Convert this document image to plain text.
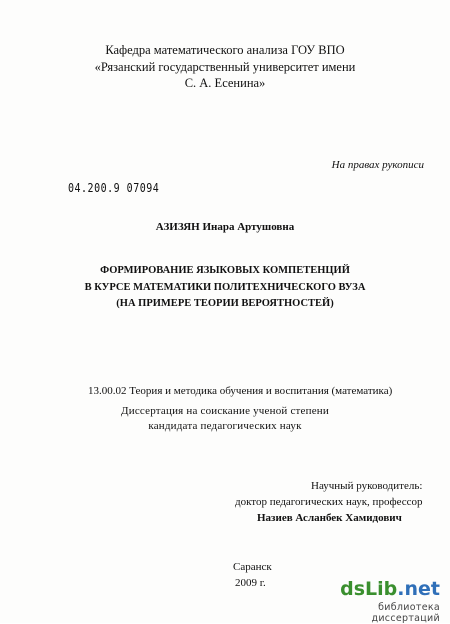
Кафедра математического анализа ГОУ ВПО
«Рязанский государственный университет имени
С. А. Есенина»
На правах рукописи
04.200.9 07094
АЗИЗЯН Инара Артушовна
ФОРМИРОВАНИЕ ЯЗЫКОВЫХ КОМПЕТЕНЦИЙ
В КУРСЕ МАТЕМАТИКИ ПОЛИТЕХНИЧЕСКОГО ВУЗА
(НА ПРИМЕРЕ ТЕОРИИ ВЕРОЯТНОСТЕЙ)
13.00.02 Теория и методика обучения и воспитания (математика)
Диссертация на соискание ученой степени
кандидата педагогических наук
Научный руководитель:
доктор педагогических наук, профессор
Назиев Асланбек Хамидович
Саранск
2009 г.	dsLib.net
библиотека диссертаций
